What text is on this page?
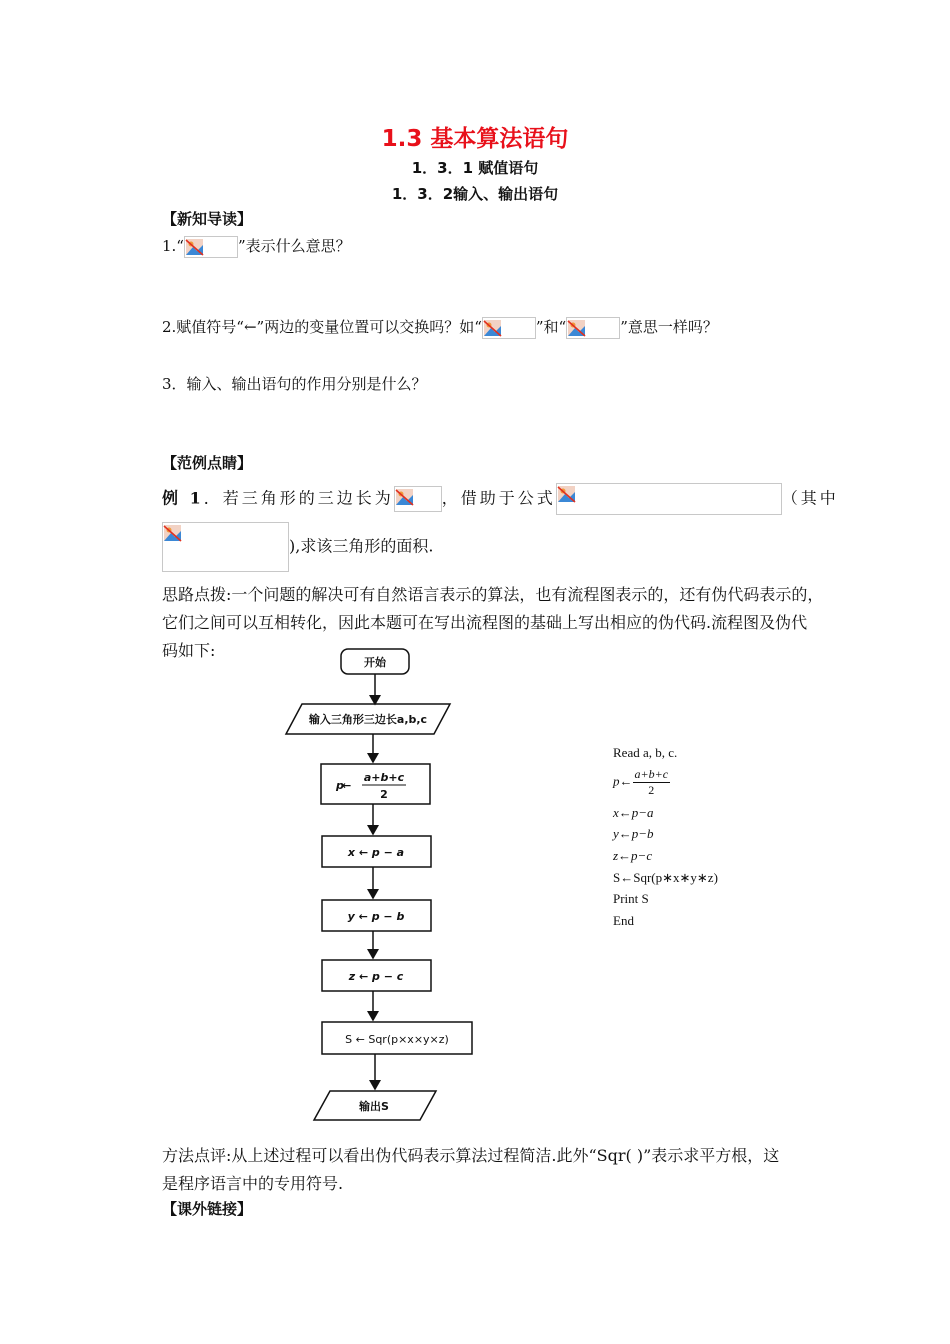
1.3 基本算法语句
1．3．1 赋值语句
1．3．2输入、输出语句
【新知导读】
1.“	”表示什么意思？
2.赋值符号“←”两边的变量位置可以交换吗？如“	”和“	”意思一样吗？
3．输入、输出语句的作用分别是什么？
【范例点睛】
例 1．若三角形的三边长为	，借助于公式	（其中
),求该三角形的面积.
思路点拨:一个问题的解决可有自然语言表示的算法，也有流程图表示的，还有伪代码表示的，
它们之间可以互相转化，因此本题可在写出流程图的基础上写出相应的伪代码.流程图及伪代
码如下:
开始
输入三角形三边长a,b,c
p
←
a+b+c
2
x ← p − a
y ← p − b
z ← p − c
S ← Sqr(p×x×y×z)
输出S
Read a, b, c.
p← $\frac{a+b+c}{2}$
x←p−a
y←p−b
z←p−c
S←Sqr(p∗x∗y∗z)
Print S
End
方法点评:从上述过程可以看出伪代码表示算法过程简洁.此外“Sqr( )”表示求平方根，这
是程序语言中的专用符号.
【课外链接】
